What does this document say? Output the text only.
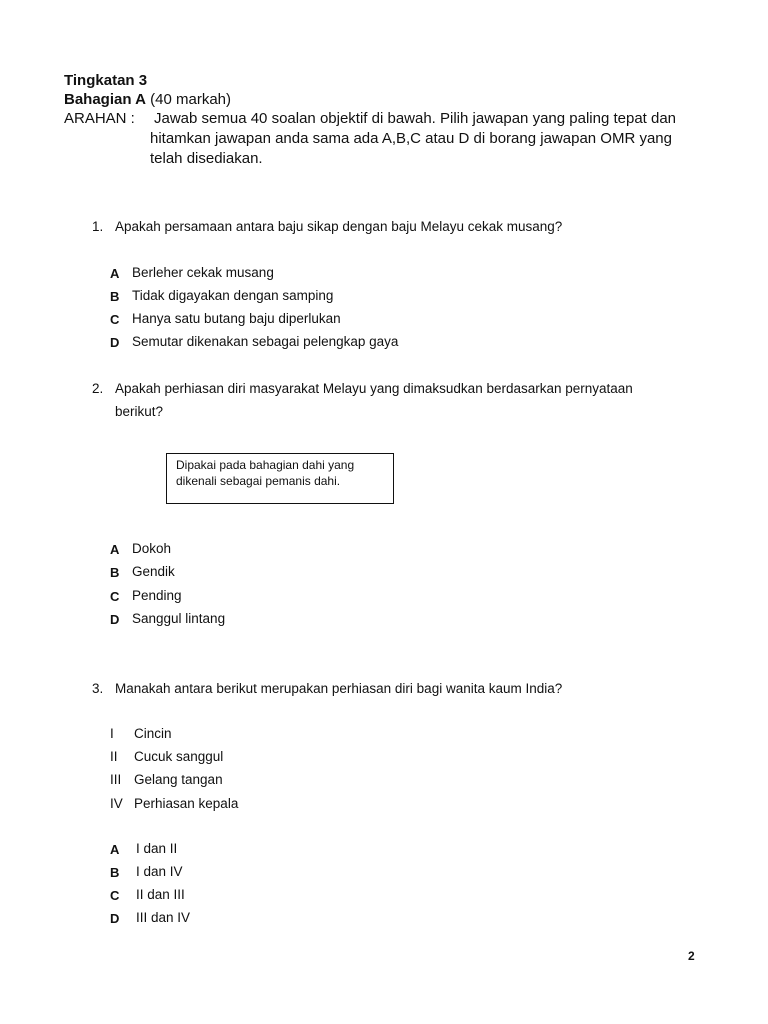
Tingkatan 3
Bahagian A (40 markah)
ARAHAN : Jawab semua 40 soalan objektif di bawah. Pilih jawapan yang paling tepat dan
hitamkan jawapan anda sama ada A,B,C atau D di borang jawapan OMR yang
telah disediakan.
1. Apakah persamaan antara baju sikap dengan baju Melayu cekak musang?
A Berleher cekak musang
B Tidak digayakan dengan samping
C Hanya satu butang baju diperlukan
D Semutar dikenakan sebagai pelengkap gaya
2. Apakah perhiasan diri masyarakat Melayu yang dimaksudkan berdasarkan pernyataan
berikut?
Dipakai pada bahagian dahi yang
dikenali sebagai pemanis dahi.
A Dokoh
B Gendik
C Pending
D Sanggul lintang
3. Manakah antara berikut merupakan perhiasan diri bagi wanita kaum India?
I Cincin
II Cucuk sanggul
III Gelang tangan
IV Perhiasan kepala
A I dan II
B I dan IV
C II dan III
D III dan IV
2
